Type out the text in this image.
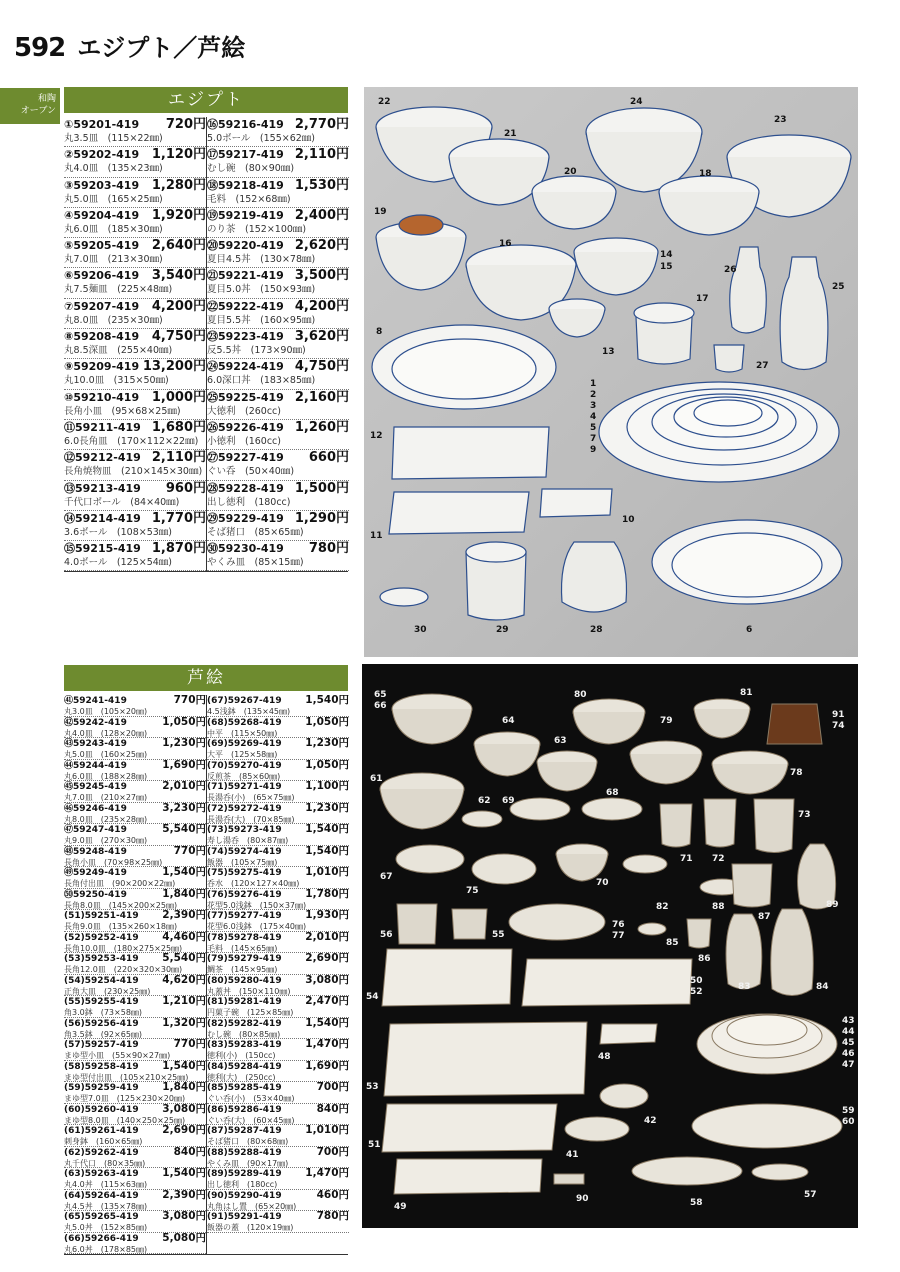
592 エジプト／芦絵
和陶
オーブン
エジプト
①59201-419 720円
丸3.5皿　(115×22㎜)
②59202-419 1,120円
丸4.0皿　(135×23㎜)
③59203-419 1,280円
丸5.0皿　(165×25㎜)
④59204-419 1,920円
丸6.0皿　(185×30㎜)
⑤59205-419 2,640円
丸7.0皿　(213×30㎜)
⑥59206-419 3,540円
丸7.5麺皿　(225×48㎜)
⑦59207-419 4,200円
丸8.0皿　(235×30㎜)
⑧59208-419 4,750円
丸8.5深皿　(255×40㎜)
⑨59209-419 13,200円
丸10.0皿　(315×50㎜)
⑩59210-419 1,000円
長角小皿　(95×68×25㎜)
⑪59211-419 1,680円
6.0長角皿　(170×112×22㎜)
⑫59212-419 2,110円
長角焼物皿　(210×145×30㎜)
⑬59213-419 960円
千代口ボール　(84×40㎜)
⑭59214-419 1,770円
3.6ボール　(108×53㎜)
⑮59215-419 1,870円
4.0ボール　(125×54㎜)
⑯59216-419 2,770円
5.0ボール　(155×62㎜)
⑰59217-419 2,110円
むし碗　(80×90㎜)
⑱59218-419 1,530円
毛料　(152×68㎜)
⑲59219-419 2,400円
のり茶　(152×100㎜)
⑳59220-419 2,620円
夏目4.5丼　(130×78㎜)
㉑59221-419 3,500円
夏目5.0丼　(150×93㎜)
㉒59222-419 4,200円
夏目5.5丼　(160×95㎜)
㉓59223-419 3,620円
反5.5丼　(173×90㎜)
㉔59224-419 4,750円
6.0深口丼　(183×85㎜)
㉕59225-419 2,160円
大徳利　(260cc)
㉖59226-419 1,260円
小徳利　(160cc)
㉗59227-419 660円
ぐい呑　(50×40㎜)
㉘59228-419 1,500円
出し徳利　(180cc)
㉙59229-419 1,290円
そば猪口　(85×65㎜)
㉚59230-419 780円
やくみ皿　(85×15㎜)
芦絵
㊶59241-419	770円
丸3.0皿　(105×20㎜)
㊷59242-419	1,050円
丸4.0皿　(128×20㎜)
㊸59243-419	1,230円
丸5.0皿　(160×25㎜)
㊹59244-419	1,690円
丸6.0皿　(188×28㎜)
㊺59245-419	2,010円
丸7.0皿　(210×27㎜)
㊻59246-419	3,230円
丸8.0皿　(235×28㎜)
㊼59247-419	5,540円
丸9.0皿　(270×30㎜)
㊽59248-419	770円
長角小皿　(70×98×25㎜)
㊾59249-419	1,540円
長角付出皿　(90×200×22㎜)
㊿59250-419	1,840円
長角8.0皿　(145×200×25㎜)
(51)59251-419 2,390円
長角9.0皿　(135×260×18㎜)
(52)59252-419 4,460円
長角10.0皿　(180×275×25㎜)
(53)59253-419 5,540円
長角12.0皿　(220×320×30㎜)
(54)59254-419 4,620円
正角大皿　(230×25㎜)
(55)59255-419 1,210円
角3.0鉢　(73×58㎜)
(56)59256-419 1,320円
角3.5鉢　(92×65㎜)
(57)59257-419	770円
まゆ型小皿　(55×90×27㎜)
(58)59258-419 1,540円
まゆ型付出皿　(105×210×25㎜)
(59)59259-419 1,840円
まゆ型7.0皿　(125×230×20㎜)
(60)59260-419 3,080円
まゆ型8.0皿　(140×250×25㎜)
(61)59261-419 2,690円
刺身鉢　(160×65㎜)
(62)59262-419	840円
丸千代口　(80×35㎜)
(63)59263-419 1,540円
丸4.0丼　(115×63㎜)
(64)59264-419 2,390円
丸4.5丼　(135×78㎜)
(65)59265-419 3,080円
丸5.0丼　(152×85㎜)
(66)59266-419 5,080円
丸6.0丼　(178×85㎜)
(67)59267-419 1,540円
4.5浅鉢　(135×45㎜)
(68)59268-419 1,050円
中平　(115×50㎜)
(69)59269-419 1,230円
大平　(125×58㎜)
(70)59270-419 1,050円
反煎茶　(85×60㎜)
(71)59271-419 1,100円
長湯呑(小)　(65×75㎜)
(72)59272-419 1,230円
長湯呑(大)　(70×85㎜)
(73)59273-419 1,540円
寿し湯呑　(80×87㎜)
(74)59274-419 1,540円
飯器　(105×75㎜)
(75)59275-419 1,010円
呑水　(120×127×40㎜)
(76)59276-419 1,780円
花型5.0浅鉢　(150×37㎜)
(77)59277-419 1,930円
花型6.0浅鉢　(175×40㎜)
(78)59278-419 2,010円
毛料　(145×65㎜)
(79)59279-419 2,690円
鯛茶　(145×95㎜)
(80)59280-419 3,080円
丸蓋丼　(150×110㎜)
(81)59281-419 2,470円
円菓子碗　(125×85㎜)
(82)59282-419 1,540円
むし碗　(80×85㎜)
(83)59283-419 1,470円
徳利(小)　(150cc)
(84)59284-419 1,690円
徳利(大)　(250cc)
(85)59285-419	700円
ぐい呑(小)　(53×40㎜)
(86)59286-419	840円
ぐい呑(大)　(60×45㎜)
(87)59287-419 1,010円
そば猪口　(80×68㎜)
(88)59288-419	700円
やくみ皿　(90×17㎜)
(89)59289-419 1,470円
出し徳利　(180cc)
(90)59290-419	460円
丸角はし置　(65×20㎜)
(91)59291-419	780円
飯器の蓋　(120×19㎜)
22	24
21
23
20	18
19
16
14
15	26
25
17
13
8
27
1
2
3
4
5
7
9
12
10
11
30	29	28	6
65
66
80	81
91
74
64	79
63
61
68
78
62 69
73
67
71 72
70
75
82	88
87
89
56	55
76
77
85
86
54
50
52	83	84
48
43
44
45
46
47
53
42
59
60
51
41
90	58
57
49
